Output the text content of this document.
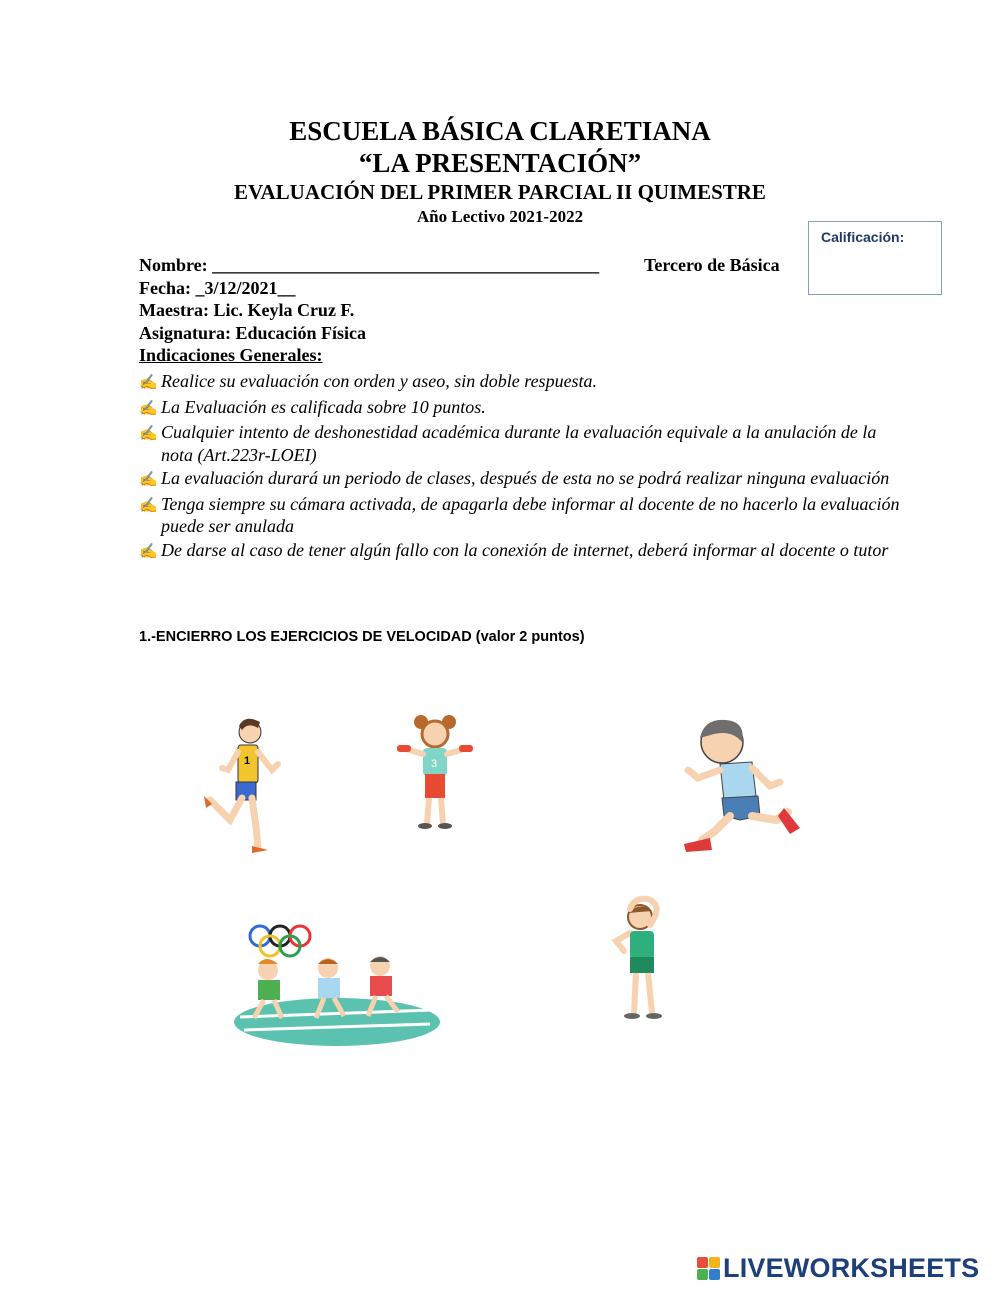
ESCUELA BÁSICA CLARETIANA
“LA PRESENTACIÓN”
EVALUACIÓN DEL PRIMER PARCIAL II QUIMESTRE
Año Lectivo 2021-2022
Calificación:
Nombre: ___________________________________________	Tercero de Básica
Fecha: _3/12/2021__
Maestra: Lic. Keyla Cruz F.
Asignatura: Educación Física
Indicaciones Generales:
✍ Realice su evaluación con orden y aseo, sin doble respuesta.
✍ La Evaluación es calificada sobre 10 puntos.
✍ Cualquier intento de deshonestidad académica durante la evaluación equivale a la anulación de la nota (Art.223r-LOEI)
✍ La evaluación durará un periodo de clases, después de esta no se podrá realizar ninguna evaluación
✍ Tenga siempre su cámara activada, de apagarla debe informar al docente de no hacerlo la evaluación puede ser anulada
✍ De darse al caso de tener algún fallo con la conexión de internet, deberá informar al docente o tutor
1.-ENCIERRO LOS EJERCICIOS DE VELOCIDAD (valor 2 puntos)
1	3
LIVEWORKSHEETS
